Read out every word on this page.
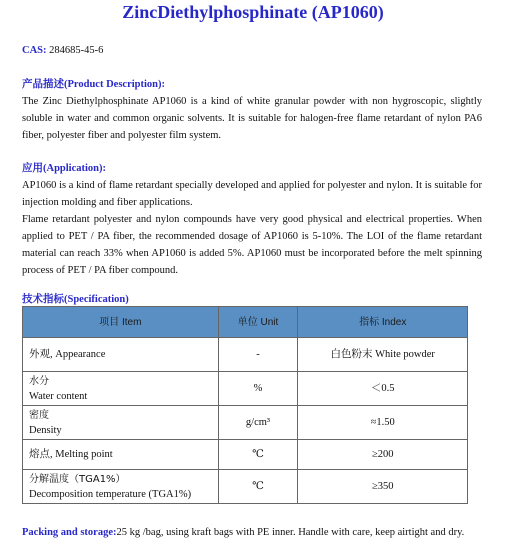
ZincDiethylphosphinate (AP1060)
CAS: 284685-45-6
产品描述(Product Description):
The Zinc Diethylphosphinate AP1060 is a kind of white granular powder with non hygroscopic, slightly soluble in water and common organic solvents. It is suitable for halogen-free flame retardant of nylon PA6 fiber, polyester fiber and polyester film system.
应用(Application):
AP1060 is a kind of flame retardant specially developed and applied for polyester and nylon. It is suitable for injection molding and fiber applications.
Flame retardant polyester and nylon compounds have very good physical and electrical properties. When applied to PET / PA fiber, the recommended dosage of AP1060 is 5-10%. The LOI of the flame retardant material can reach 33% when AP1060 is added 5%. AP1060 must be incorporated before the melt spinning process of PET / PA fiber compound.
技术指标(Specification)
项目 Item	单位 Unit	指标 Index
外观, Appearance	-	白色粉末 White powder
水分
Water content	%	＜0.5
密度
Density	g/cm³	≈1.50
熔点, Melting point	℃	≥200
分解温度（TGA1%）
Decomposition temperature (TGA1%)	℃	≥350
Packing and storage:25 kg /bag, using kraft bags with PE inner. Handle with care, keep airtight and dry.
